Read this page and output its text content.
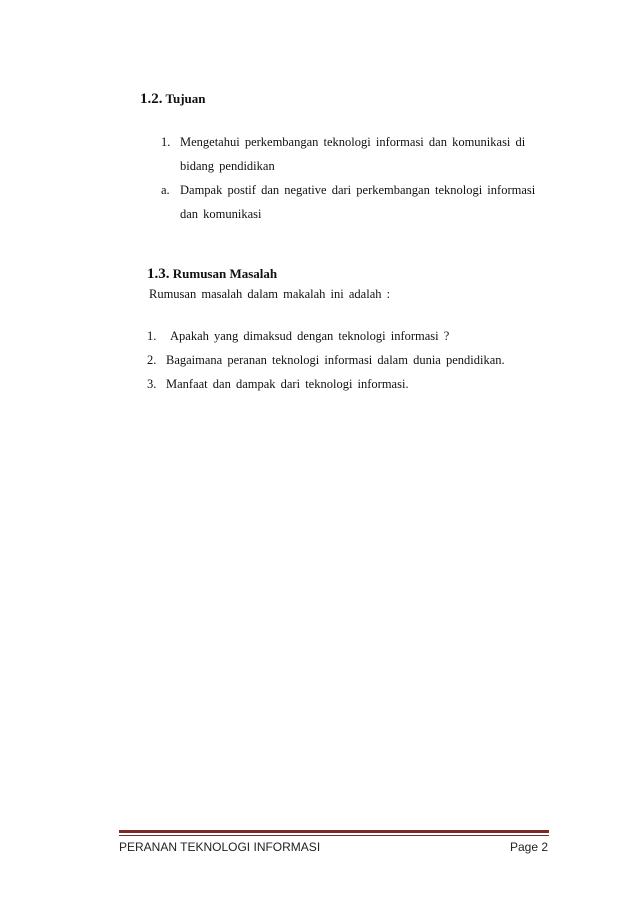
1.2. Tujuan
1. Mengetahui perkembangan teknologi informasi dan komunikasi di
bidang pendidikan
a. Dampak postif dan negative dari perkembangan teknologi informasi
dan komunikasi
1.3. Rumusan Masalah
Rumusan masalah dalam makalah ini adalah :
1. Apakah yang dimaksud dengan teknologi informasi ?
2. Bagaimana peranan teknologi informasi dalam dunia pendidikan.
3. Manfaat dan dampak dari teknologi informasi.
PERANAN TEKNOLOGI INFORMASI	Page 2
